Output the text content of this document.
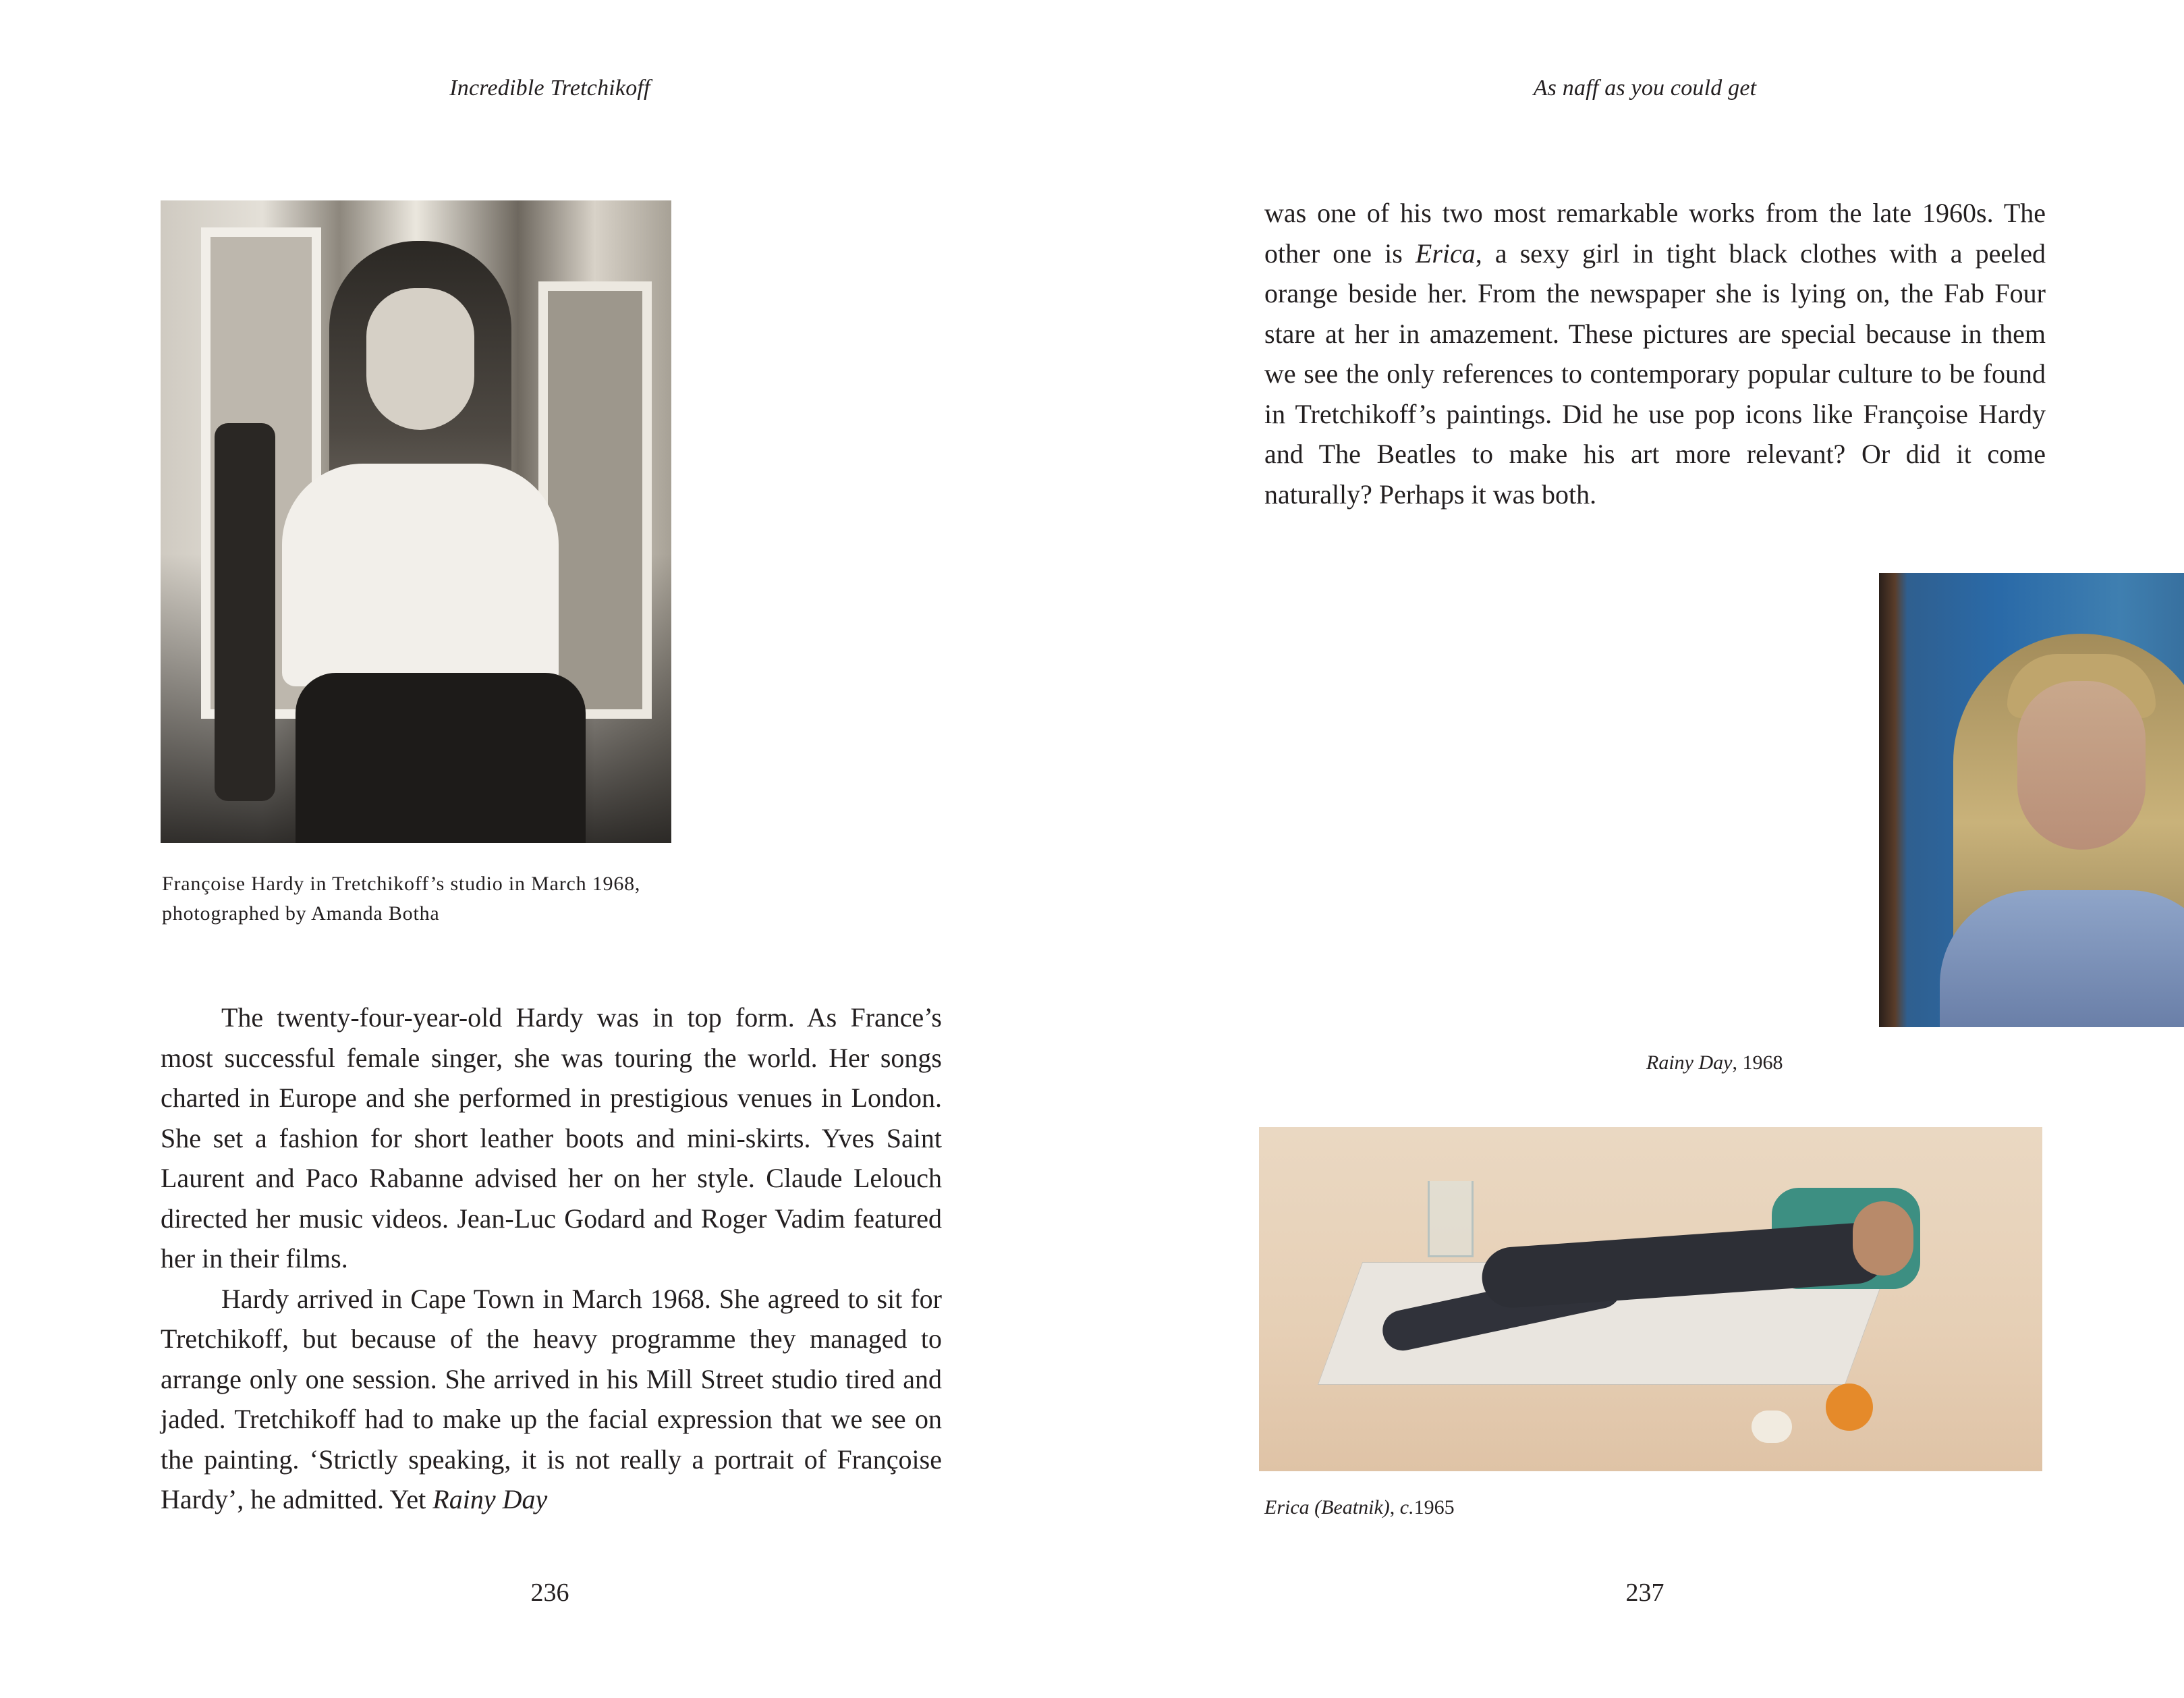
Incredible Tretchikoff
Françoise Hardy in Tretchikoff’s studio in March 1968, photographed by Amanda Botha

The twenty-four-year-old Hardy was in top form. As France’s most successful female singer, she was touring the world. Her songs charted in Europe and she performed in prestigious venues in London. She set a fashion for short leather boots and mini-skirts. Yves Saint Laurent and Paco Rabanne advised her on her style. Claude Lelouch directed her music videos. Jean-Luc Godard and Roger Vadim featured her in their films.

Hardy arrived in Cape Town in March 1968. She agreed to sit for Tretchikoff, but because of the heavy programme they managed to arrange only one session. She arrived in his Mill Street studio tired and jaded. Tretchikoff had to make up the facial expression that we see on the painting. ‘Strictly speaking, it is not really a portrait of Françoise Hardy’, he admitted. Yet Rainy Day

236
As naff as you could get

was one of his two most remarkable works from the late 1960s. The other one is Erica, a sexy girl in tight black clothes with a peeled orange beside her. From the newspaper she is lying on, the Fab Four stare at her in amazement. These pictures are special because in them we see the only references to contemporary popular culture to be found in Tretchikoff’s paintings. Did he use pop icons like Françoise Hardy and The Beatles to make his art more relevant? Or did it come naturally? Perhaps it was both.

Rainy Day, 1968
Erica (Beatnik), c.1965
237
